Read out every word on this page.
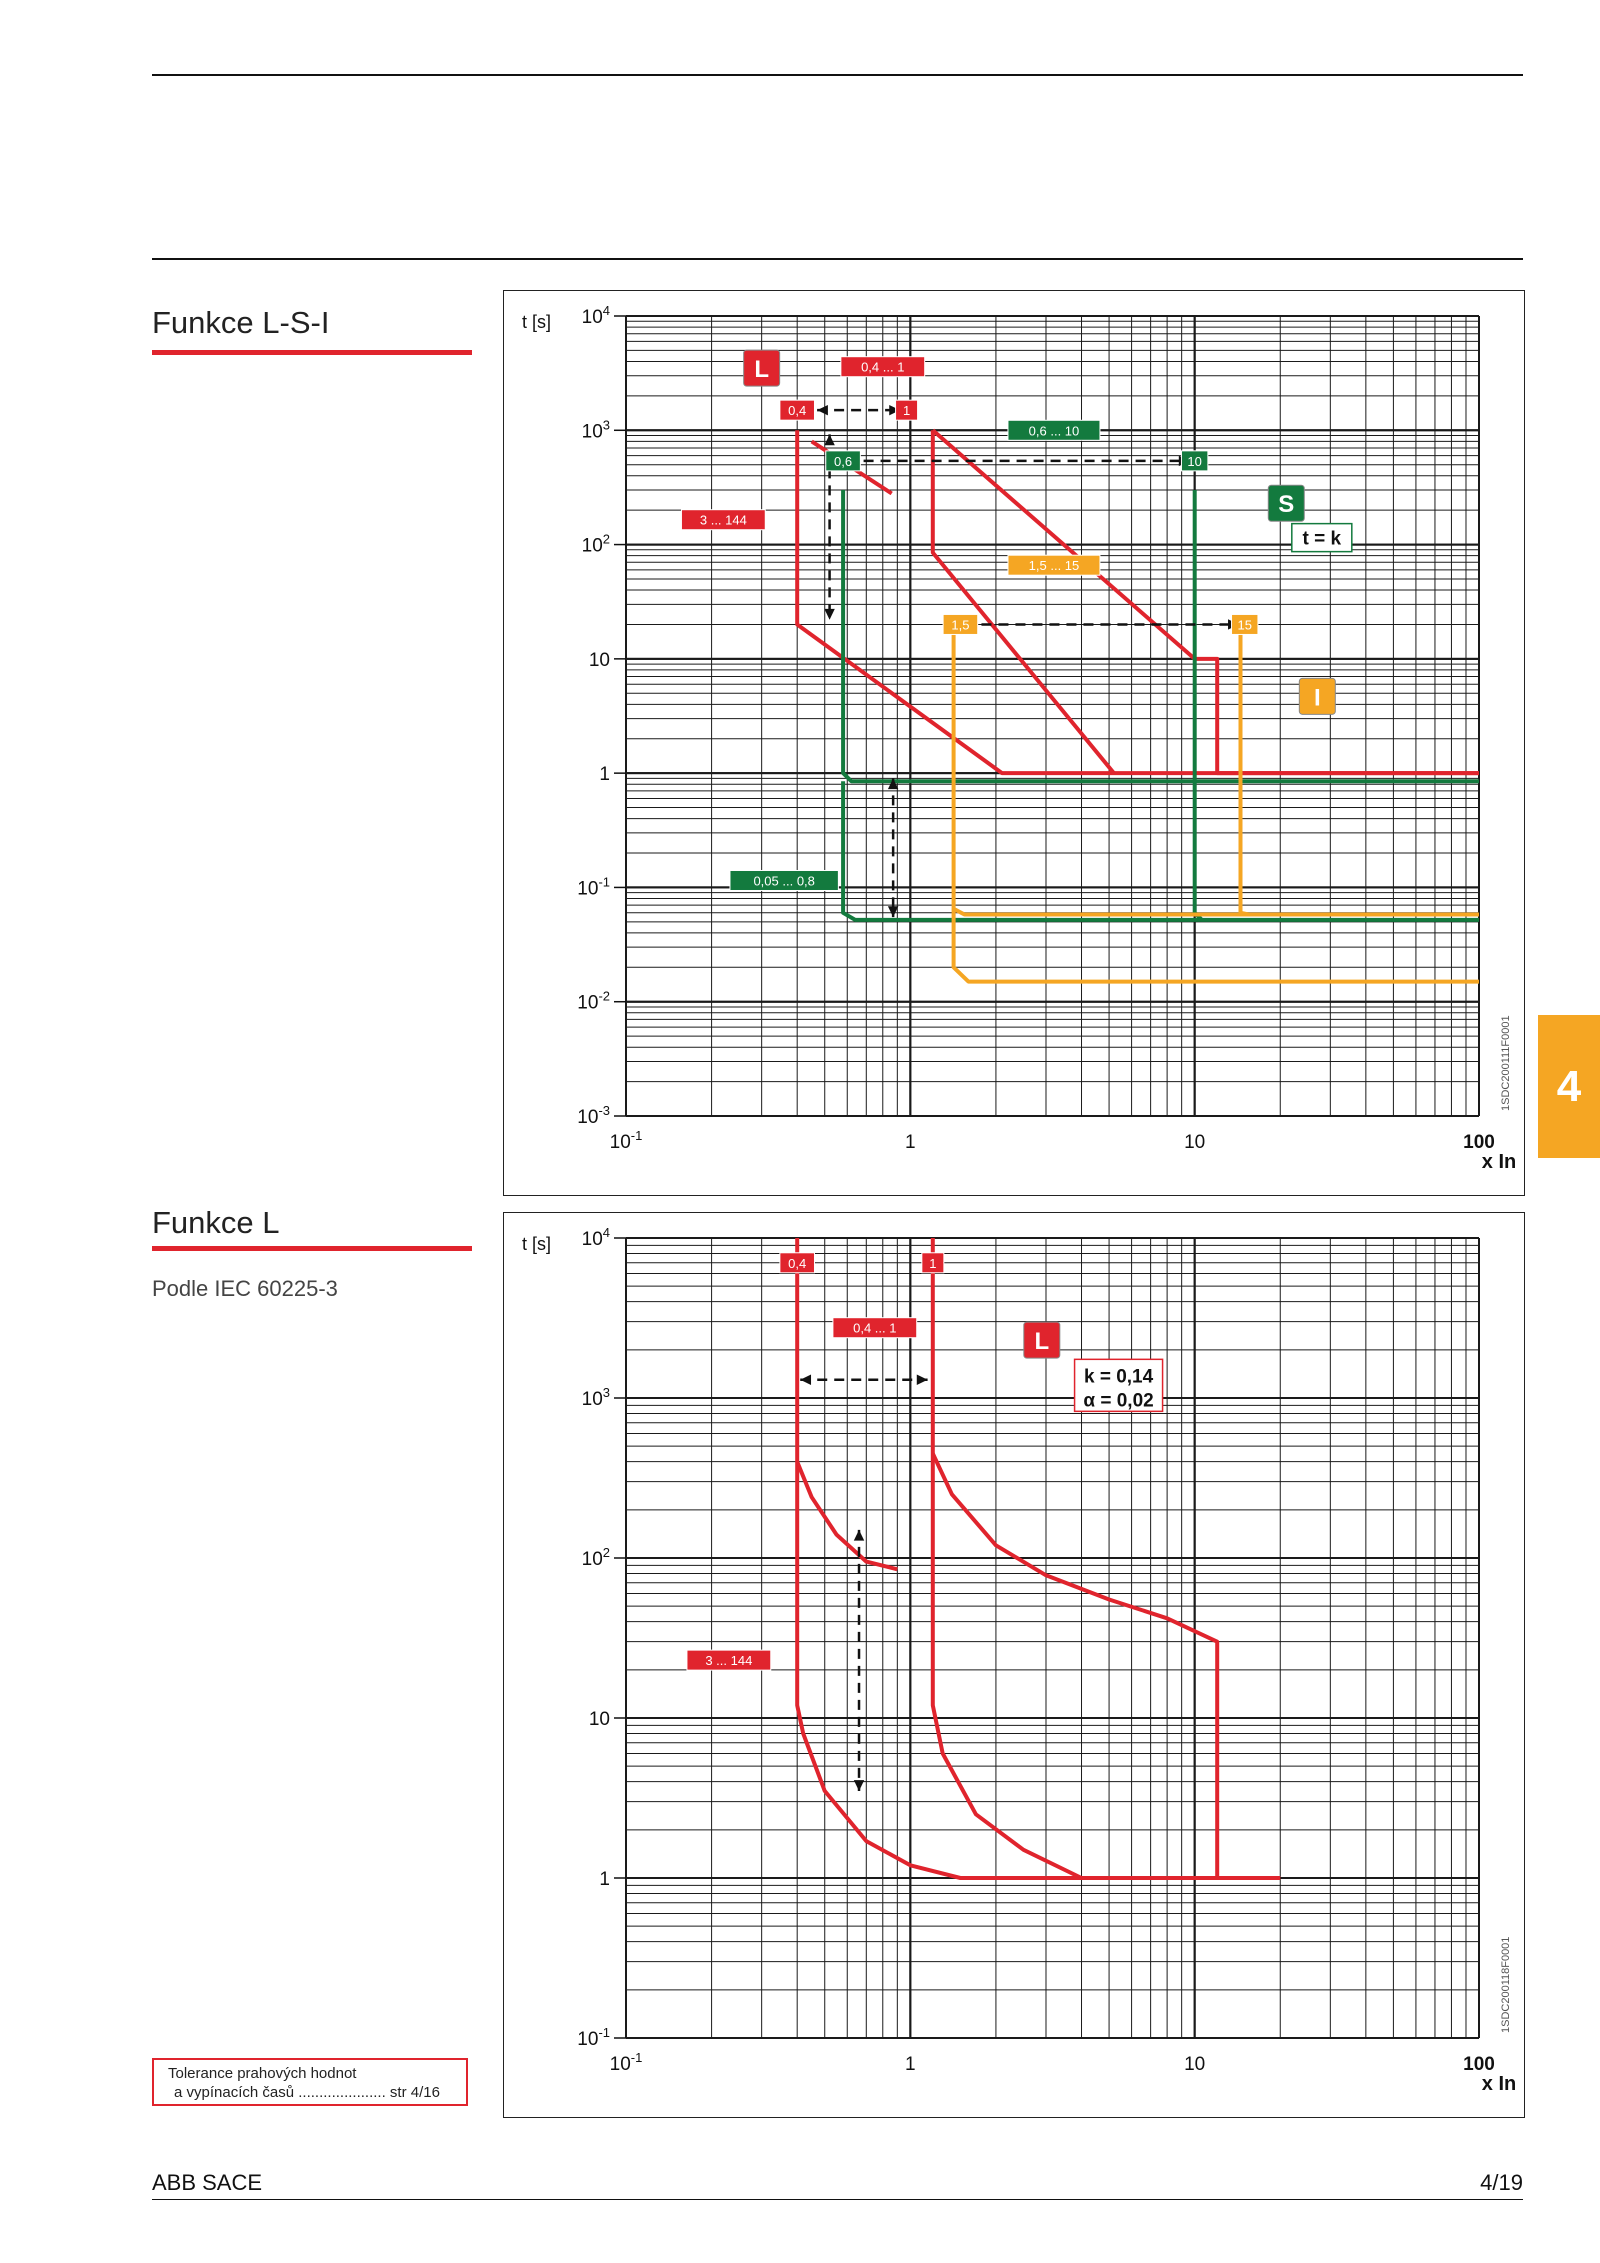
Funkce L-S-I	t [s]
x In
$10^4$
$10^3$
$10^2$
10
1
$10^{-1}$
$10^{-2}$
$10^{-3}$
$10^{-1}$	1	10	100
0,4	1
0,4 ... 1
0,6 ... 10
0,6	10
3 ... 144
1,5 ... 15
1,5	15
0,05 ... 0,8
L
S
I
t = k
1SDC200111F0001
Funkce L
Podle IEC 60225-3
t [s]
x In
$10^4$
$10^3$
$10^2$
10
1
$10^{-1}$
$10^{-1}$	1	10	100
0,4	1
0,4 ... 1
3 ... 144
L
k = 0,14
α = 0,02
1SDC200118F0001
Tolerance prahových hodnot
a vypínacích časů ..................... str 4/16
4
ABB SACE	4/19
